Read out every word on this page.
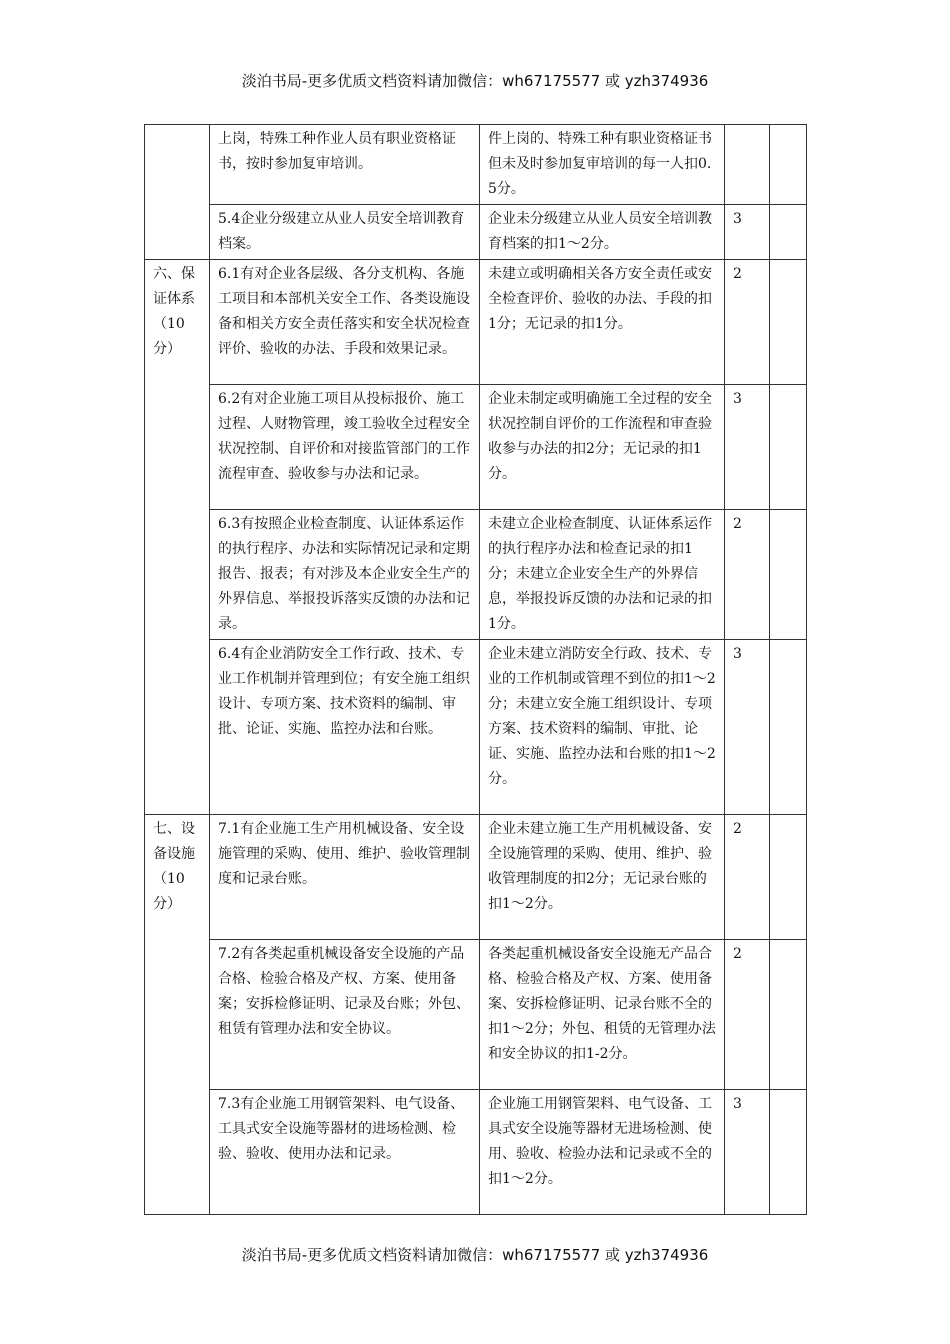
淡泊书局-更多优质文档资料请加微信：wh67175577 或 yzh374936
	上岗，特殊工种作业人员有职业资格证书，按时参加复审培训。	件上岗的、特殊工种有职业资格证书但未及时参加复审培训的每一人扣0.5分。		
	5.4企业分级建立从业人员安全培训教育档案。	企业未分级建立从业人员安全培训教育档案的扣1～2分。	3	
六、保证体系（10分）	6.1有对企业各层级、各分支机构、各施工项目和本部机关安全工作、各类设施设备和相关方安全责任落实和安全状况检查评价、验收的办法、手段和效果记录。	未建立或明确相关各方安全责任或安全检查评价、验收的办法、手段的扣1分；无记录的扣1分。	2	
	6.2有对企业施工项目从投标报价、施工过程、人财物管理，竣工验收全过程安全状况控制、自评价和对接监管部门的工作流程审查、验收参与办法和记录。	企业未制定或明确施工全过程的安全状况控制自评价的工作流程和审查验收参与办法的扣2分；无记录的扣1分。	3	
	6.3有按照企业检查制度、认证体系运作的执行程序、办法和实际情况记录和定期报告、报表；有对涉及本企业安全生产的外界信息、举报投诉落实反馈的办法和记录。	未建立企业检查制度、认证体系运作的执行程序办法和检查记录的扣1分；未建立企业安全生产的外界信息，举报投诉反馈的办法和记录的扣1分。	2	
	6.4有企业消防安全工作行政、技术、专业工作机制并管理到位；有安全施工组织设计、专项方案、技术资料的编制、审批、论证、实施、监控办法和台账。	企业未建立消防安全行政、技术、专业的工作机制或管理不到位的扣1～2分；未建立安全施工组织设计、专项方案、技术资料的编制、审批、论证、实施、监控办法和台账的扣1～2分。	3	
七、设备设施（10分）	7.1有企业施工生产用机械设备、安全设施管理的采购、使用、维护、验收管理制度和记录台账。	企业未建立施工生产用机械设备、安全设施管理的采购、使用、维护、验收管理制度的扣2分；无记录台账的扣1～2分。	2	
	7.2有各类起重机械设备安全设施的产品合格、检验合格及产权、方案、使用备案；安拆检修证明、记录及台账；外包、租赁有管理办法和安全协议。	各类起重机械设备安全设施无产品合格、检验合格及产权、方案、使用备案、安拆检修证明、记录台账不全的扣1～2分；外包、租赁的无管理办法和安全协议的扣1-2分。	2	
	7.3有企业施工用钢管架料、电气设备、工具式安全设施等器材的进场检测、检验、验收、使用办法和记录。	企业施工用钢管架料、电气设备、工具式安全设施等器材无进场检测、使用、验收、检验办法和记录或不全的扣1～2分。	3	
淡泊书局-更多优质文档资料请加微信：wh67175577 或 yzh374936
